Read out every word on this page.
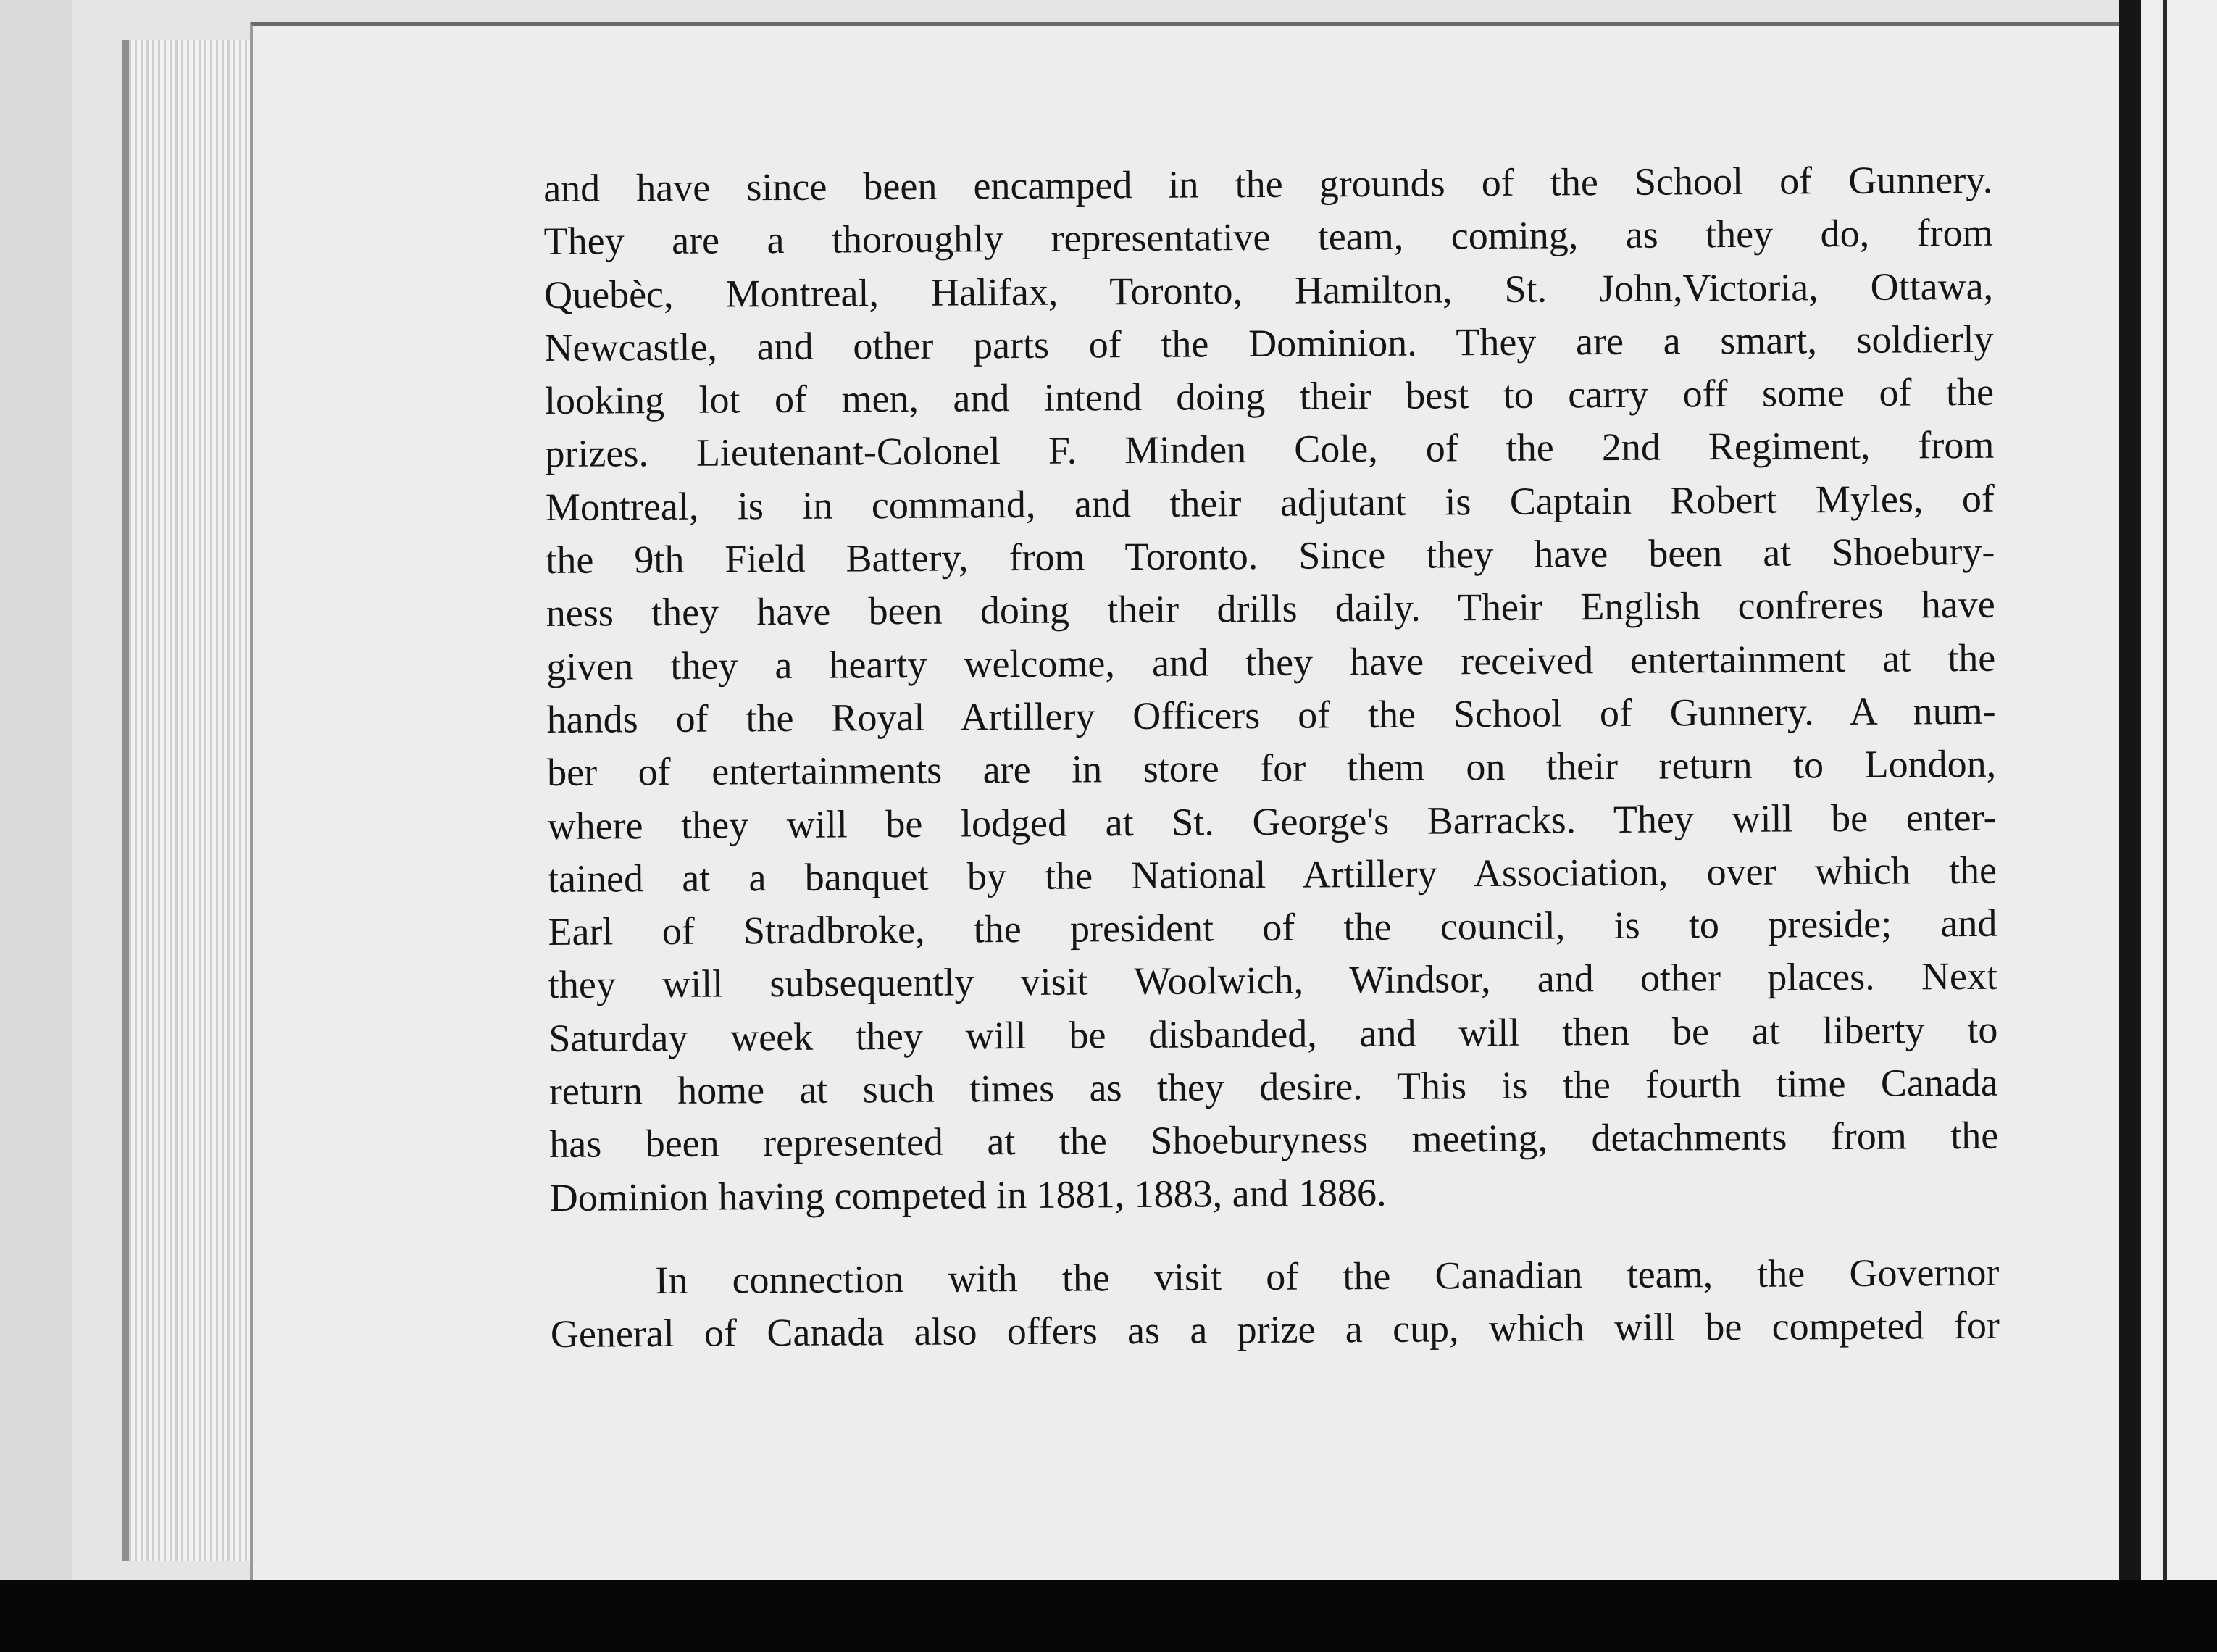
and have since been encamped in the grounds of the School of Gunnery.
They are a thoroughly representative team, coming, as they do, from
Quebèc, Montreal, Halifax, Toronto, Hamilton, St. John,Victoria, Ottawa,
Newcastle, and other parts of the Dominion. They are a smart, soldierly
looking lot of men, and intend doing their best to carry off some of the
prizes. Lieutenant-Colonel F. Minden Cole, of the 2nd Regiment, from
Montreal, is in command, and their adjutant is Captain Robert Myles, of
the 9th Field Battery, from Toronto. Since they have been at Shoebury-
ness they have been doing their drills daily. Their English confreres have
given they a hearty welcome, and they have received entertainment at the
hands of the Royal Artillery Officers of the School of Gunnery. A num-
ber of entertainments are in store for them on their return to London,
where they will be lodged at St. George's Barracks. They will be enter-
tained at a banquet by the National Artillery Association, over which the
Earl of Stradbroke, the president of the council, is to preside; and
they will subsequently visit Woolwich, Windsor, and other places. Next
Saturday week they will be disbanded, and will then be at liberty to
return home at such times as they desire. This is the fourth time Canada
has been represented at the Shoeburyness meeting, detachments from the
Dominion having competed in 1881, 1883, and 1886.
In connection with the visit of the Canadian team, the Governor
General of Canada also offers as a prize a cup, which will be competed for
